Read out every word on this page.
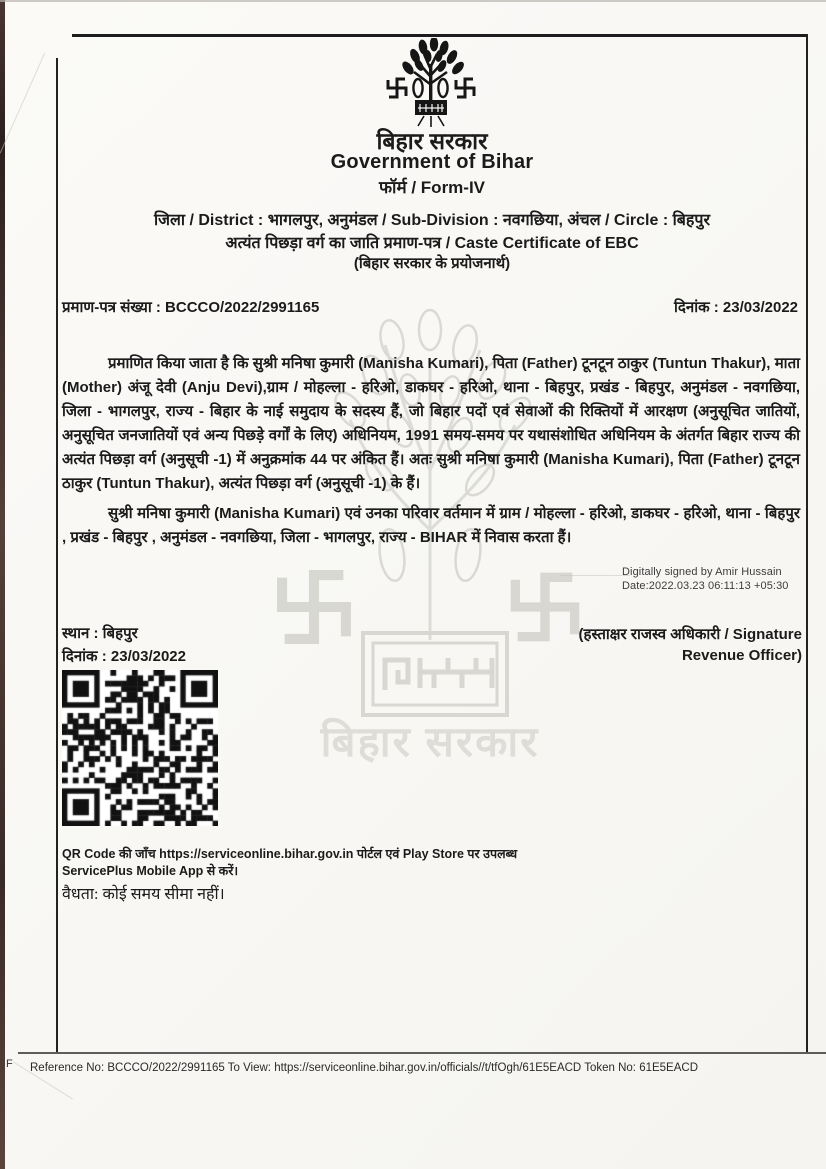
बिहार सरकार
बिहार सरकार
Government of Bihar
फॉर्म / Form-IV
जिला / District : भागलपुर, अनुमंडल / Sub-Division : नवगछिया, अंचल / Circle : बिहपुर
अत्यंत पिछड़ा वर्ग का जाति प्रमाण-पत्र / Caste Certificate of EBC
(बिहार सरकार के प्रयोजनार्थ)
प्रमाण-पत्र संख्या : BCCCO/2022/2991165	दिनांक : 23/03/2022
प्रमाणित किया जाता है कि सुश्री मनिषा कुमारी (Manisha Kumari), पिता (Father) टूनटून ठाकुर (Tuntun Thakur), माता (Mother) अंजू देवी (Anju Devi),ग्राम / मोहल्ला - हरिओ, डाकघर - हरिओ, थाना - बिहपुर, प्रखंड - बिहपुर, अनुमंडल - नवगछिया, जिला - भागलपुर, राज्य - बिहार के नाई समुदाय के सदस्य हैं, जो बिहार पदों एवं सेवाओं की रिक्तियों में आरक्षण (अनुसूचित जातियों, अनुसूचित जनजातियों एवं अन्य पिछड़े वर्गों के लिए) अधिनियम, 1991 समय-समय पर यथासंशोधित अधिनियम के अंतर्गत बिहार राज्य की अत्यंत पिछड़ा वर्ग (अनुसूची -1) में अनुक्रमांक 44 पर अंकित हैं। अतः सुश्री मनिषा कुमारी (Manisha Kumari), पिता (Father) टूनटून ठाकुर (Tuntun Thakur), अत्यंत पिछड़ा वर्ग (अनुसूची -1) के हैं।
सुश्री मनिषा कुमारी (Manisha Kumari) एवं उनका परिवार वर्तमान में ग्राम / मोहल्ला - हरिओ, डाकघर - हरिओ, थाना - बिहपुर , प्रखंड - बिहपुर , अनुमंडल - नवगछिया, जिला - भागलपुर, राज्य - BIHAR में निवास करता हैं।
Digitally signed by Amir Hussain
Date:2022.03.23 06:11:13 +05:30
स्थान : बिहपुर
दिनांक : 23/03/2022
(हस्ताक्षर राजस्व अधिकारी / Signature Revenue Officer)
QR Code की जाँच https://serviceonline.bihar.gov.in पोर्टल एवं Play Store पर उपलब्ध ServicePlus Mobile App से करें।
वैधता: कोई समय सीमा नहीं।
F Reference No: BCCCO/2022/2991165 To View: https://serviceonline.bihar.gov.in/officials//t/tfOgh/61E5EACD Token No: 61E5EACD
